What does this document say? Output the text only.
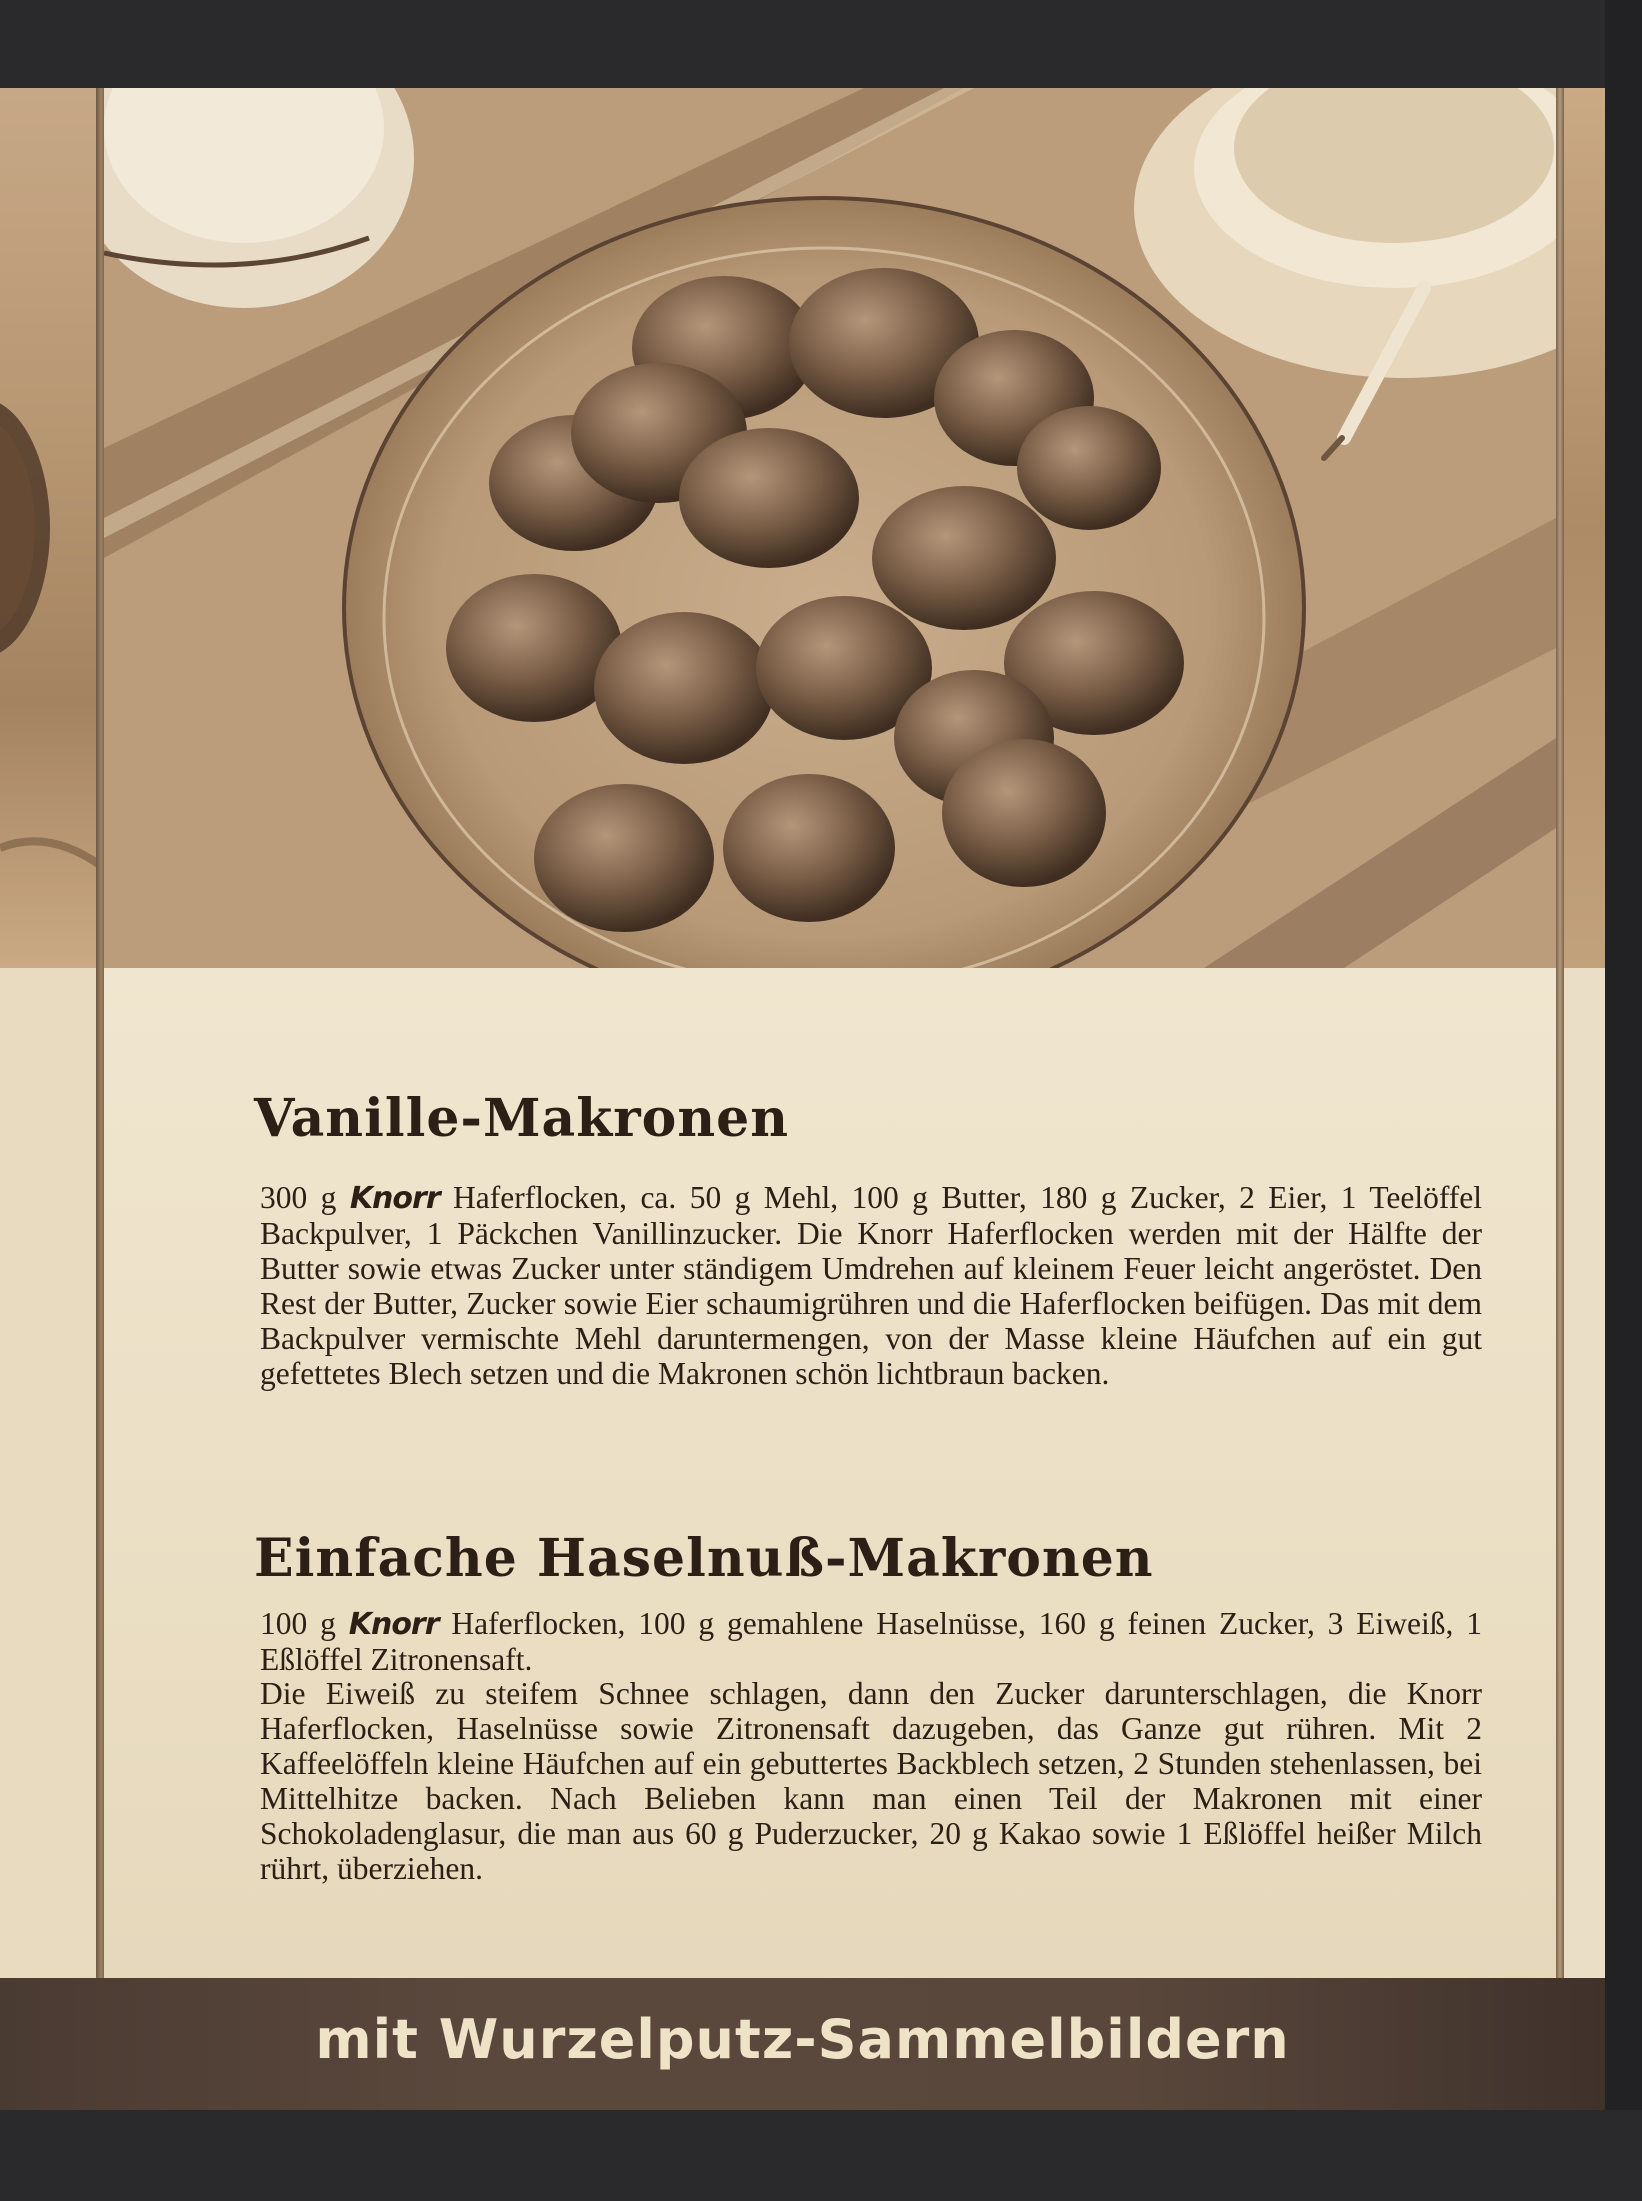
Vanille-Makronen

300 g Knorr Haferflocken, ca. 50 g Mehl, 100 g Butter, 180 g Zucker, 2 Eier, 1 Teelöffel Backpulver, 1 Päckchen Vanillinzucker. Die Knorr Haferflocken werden mit der Hälfte der Butter sowie etwas Zucker unter ständigem Umdrehen auf kleinem Feuer leicht angeröstet. Den Rest der Butter, Zucker sowie Eier schaumigrühren und die Haferflocken beifügen. Das mit dem Backpulver vermischte Mehl daruntermengen, von der Masse kleine Häufchen auf ein gut gefettetes Blech setzen und die Makronen schön lichtbraun backen.

Einfache Haselnuß-Makronen

100 g Knorr Haferflocken, 100 g gemahlene Haselnüsse, 160 g feinen Zucker, 3 Eiweiß, 1 Eßlöffel Zitronensaft.

Die Eiweiß zu steifem Schnee schlagen, dann den Zucker darunterschlagen, die Knorr Haferflocken, Haselnüsse sowie Zitronensaft dazugeben, das Ganze gut rühren. Mit 2 Kaffeelöffeln kleine Häufchen auf ein gebuttertes Backblech setzen, 2 Stunden stehenlassen, bei Mittelhitze backen. Nach Belieben kann man einen Teil der Makronen mit einer Schokoladenglasur, die man aus 60 g Puderzucker, 20 g Kakao sowie 1 Eßlöffel heißer Milch rührt, überziehen.

mit Wurzelputz-Sammelbildern
